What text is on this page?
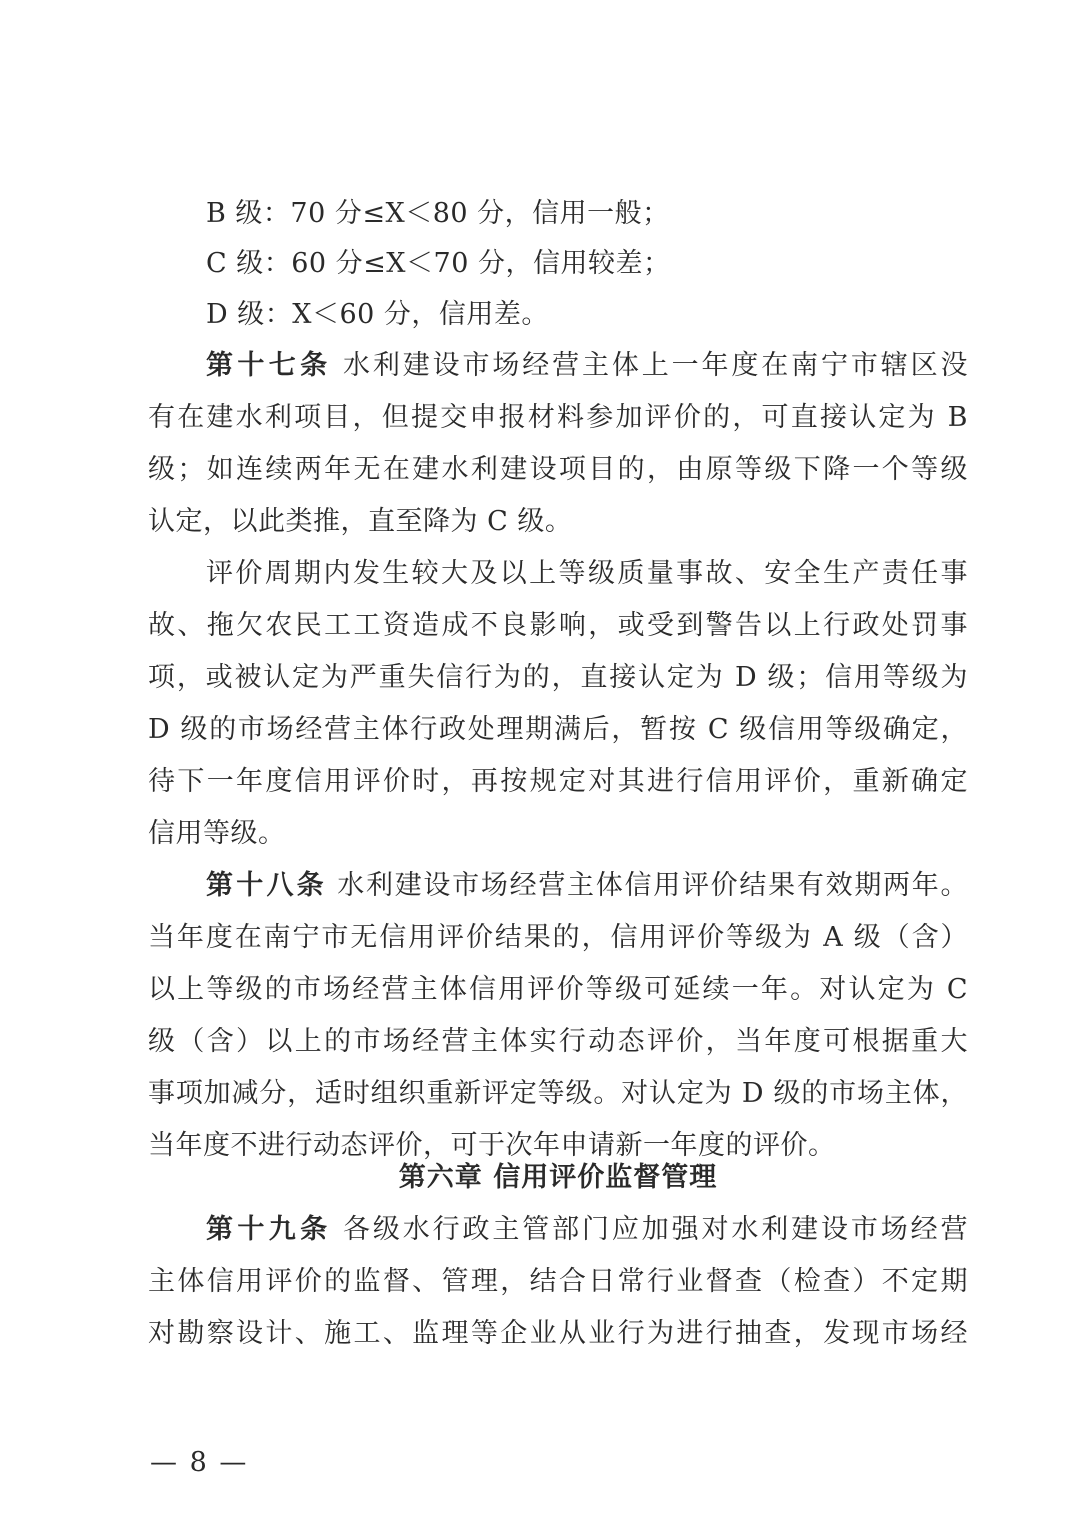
B 级：70 分≤X＜80 分，信用一般；
C 级：60 分≤X＜70 分，信用较差；
D 级：X＜60 分，信用差。
第十七条 水利建设市场经营主体上一年度在南宁市辖区没
有在建水利项目，但提交申报材料参加评价的，可直接认定为 B
级；如连续两年无在建水利建设项目的，由原等级下降一个等级
认定，以此类推，直至降为 C 级。
评价周期内发生较大及以上等级质量事故、安全生产责任事
故、拖欠农民工工资造成不良影响，或受到警告以上行政处罚事
项，或被认定为严重失信行为的，直接认定为 D 级；信用等级为
D 级的市场经营主体行政处理期满后，暂按 C 级信用等级确定，
待下一年度信用评价时，再按规定对其进行信用评价，重新确定
信用等级。
第十八条 水利建设市场经营主体信用评价结果有效期两年。
当年度在南宁市无信用评价结果的，信用评价等级为 A 级（含）
以上等级的市场经营主体信用评价等级可延续一年。对认定为 C
级（含）以上的市场经营主体实行动态评价，当年度可根据重大
事项加减分，适时组织重新评定等级。对认定为 D 级的市场主体，
当年度不进行动态评价，可于次年申请新一年度的评价。
第六章 信用评价监督管理
第十九条 各级水行政主管部门应加强对水利建设市场经营
主体信用评价的监督、管理，结合日常行业督查（检查）不定期
对勘察设计、施工、监理等企业从业行为进行抽查，发现市场经
— 8 —
